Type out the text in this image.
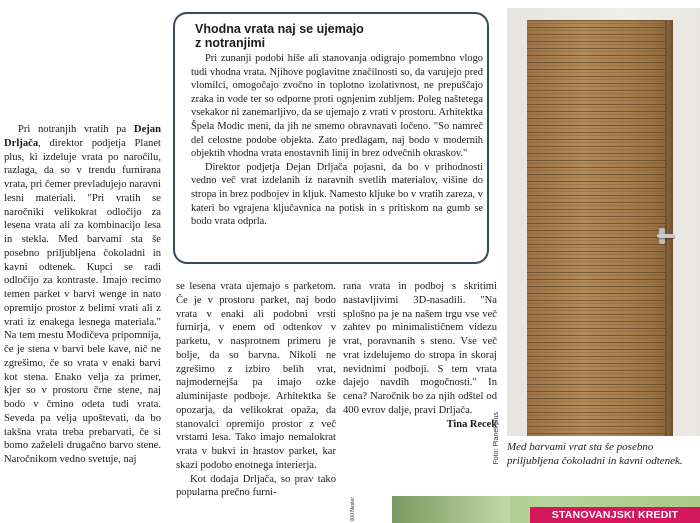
Pri notranjih vratih pa Dejan Drljača, direktor podjetja Planet plus, ki izdeluje vrata po naročilu, razlaga, da so v trendu furnirana vrata, pri čemer prevladujejo naravni lesni materiali. "Pri vratih se naročniki velikokrat odločijo za lesena vrata ali za kombinacijo lesa in stekla. Med barvami sta še posebno priljubljena čokoladni in kavni odtenek. Kupci se radi odločijo za kontraste. Imajo recimo temen parket v barvi wenge in nato opremijo prostor z belimi vrati ali z vrati iz enakega lesnega materiala." Na tem mestu Modičeva pripomnija, če je stena v barvi bele kave, nič ne zgrešimo, če so vrata v enaki barvi kot stena. Enako velja za primer, kjer so v prostoru črne stene, naj bodo v črnino odeta tudi vrata. Seveda pa velja upoštevati, da bo takšna vrata treba prebarvati, če si bomo zaželeli drugačno barvo stene. Naročnikom vedno svetuje, naj

Vhodna vrata naj se ujemajo
z notranjimi

Pri zunanji podobi hiše ali stanovanja odigrajo pomembno vlogo tudi vhodna vrata. Njihove poglavitne značilnosti so, da varujejo pred vlomilci, omogočajo zvočno in toplotno izolativnost, ne prepuščajo zraka in vode ter so odporne proti ognjenim zubljem. Poleg naštetega vsekakor ni zanemarljivo, da se ujemajo z vrati v prostoru. Arhitektka Špela Modic meni, da jih ne smemo obravnavati ločeno. "So namreč del celostne podobe objekta. Zato predlagam, naj bodo v modernih objektih vhodna vrata enostavnih linij in brez odvečnih okraskov."

Direktor podjetja Dejan Drljača pojasni, da bo v prihodnosti vedno več vrat izdelanih iz naravnih svetlih materialov, višine do stropa in brez podbojev in kljuk. Namesto kljuke bo v vratih zareza, v kateri bo vgrajena ključavnica na potisk in s pritiskom na gumb se bodo vrata odprla.

se lesena vrata ujemajo s parketom. Če je v prostoru parket, naj bodo vrata v enaki ali podobni vrsti furnirja, v enem od odtenkov v parketu, v nasprotnem primeru je bolje, da so barvna. Nikoli ne zgrešimo z izbiro belih vrat, najmodernejša pa imajo ozke aluminijaste podboje. Arhitektka še opozarja, da velikokrat opaža, da stanovalci opremijo prostor z več vrstami lesa. Tako imajo nemalokrat vrata v bukvi in hrastov parket, kar skazi podobo enotnega interierja.

Kot dodaja Drljača, so prav tako popularna prečno furni-

rana vrata in podboj s skritimi nastavljivimi 3D-nasadili. "Na splošno pa je na našem trgu vse več zahtev po minimalističnem videzu vrat, poravnanih s steno. Vse več vrat izdelujemo do stropa in skoraj nevidnimi podboji. S tem vrata dajejo navdih mogočnosti." In cena? Naročnik bo za njih odštel od 400 evrov dalje, pravi Drljača.

Tina Recek
Foto: Planet plus Med barvami vrat sta še posebno priljubljena čokoladni in kavni odtenek.
000 Nester	STANOVANJSKI KREDIT
